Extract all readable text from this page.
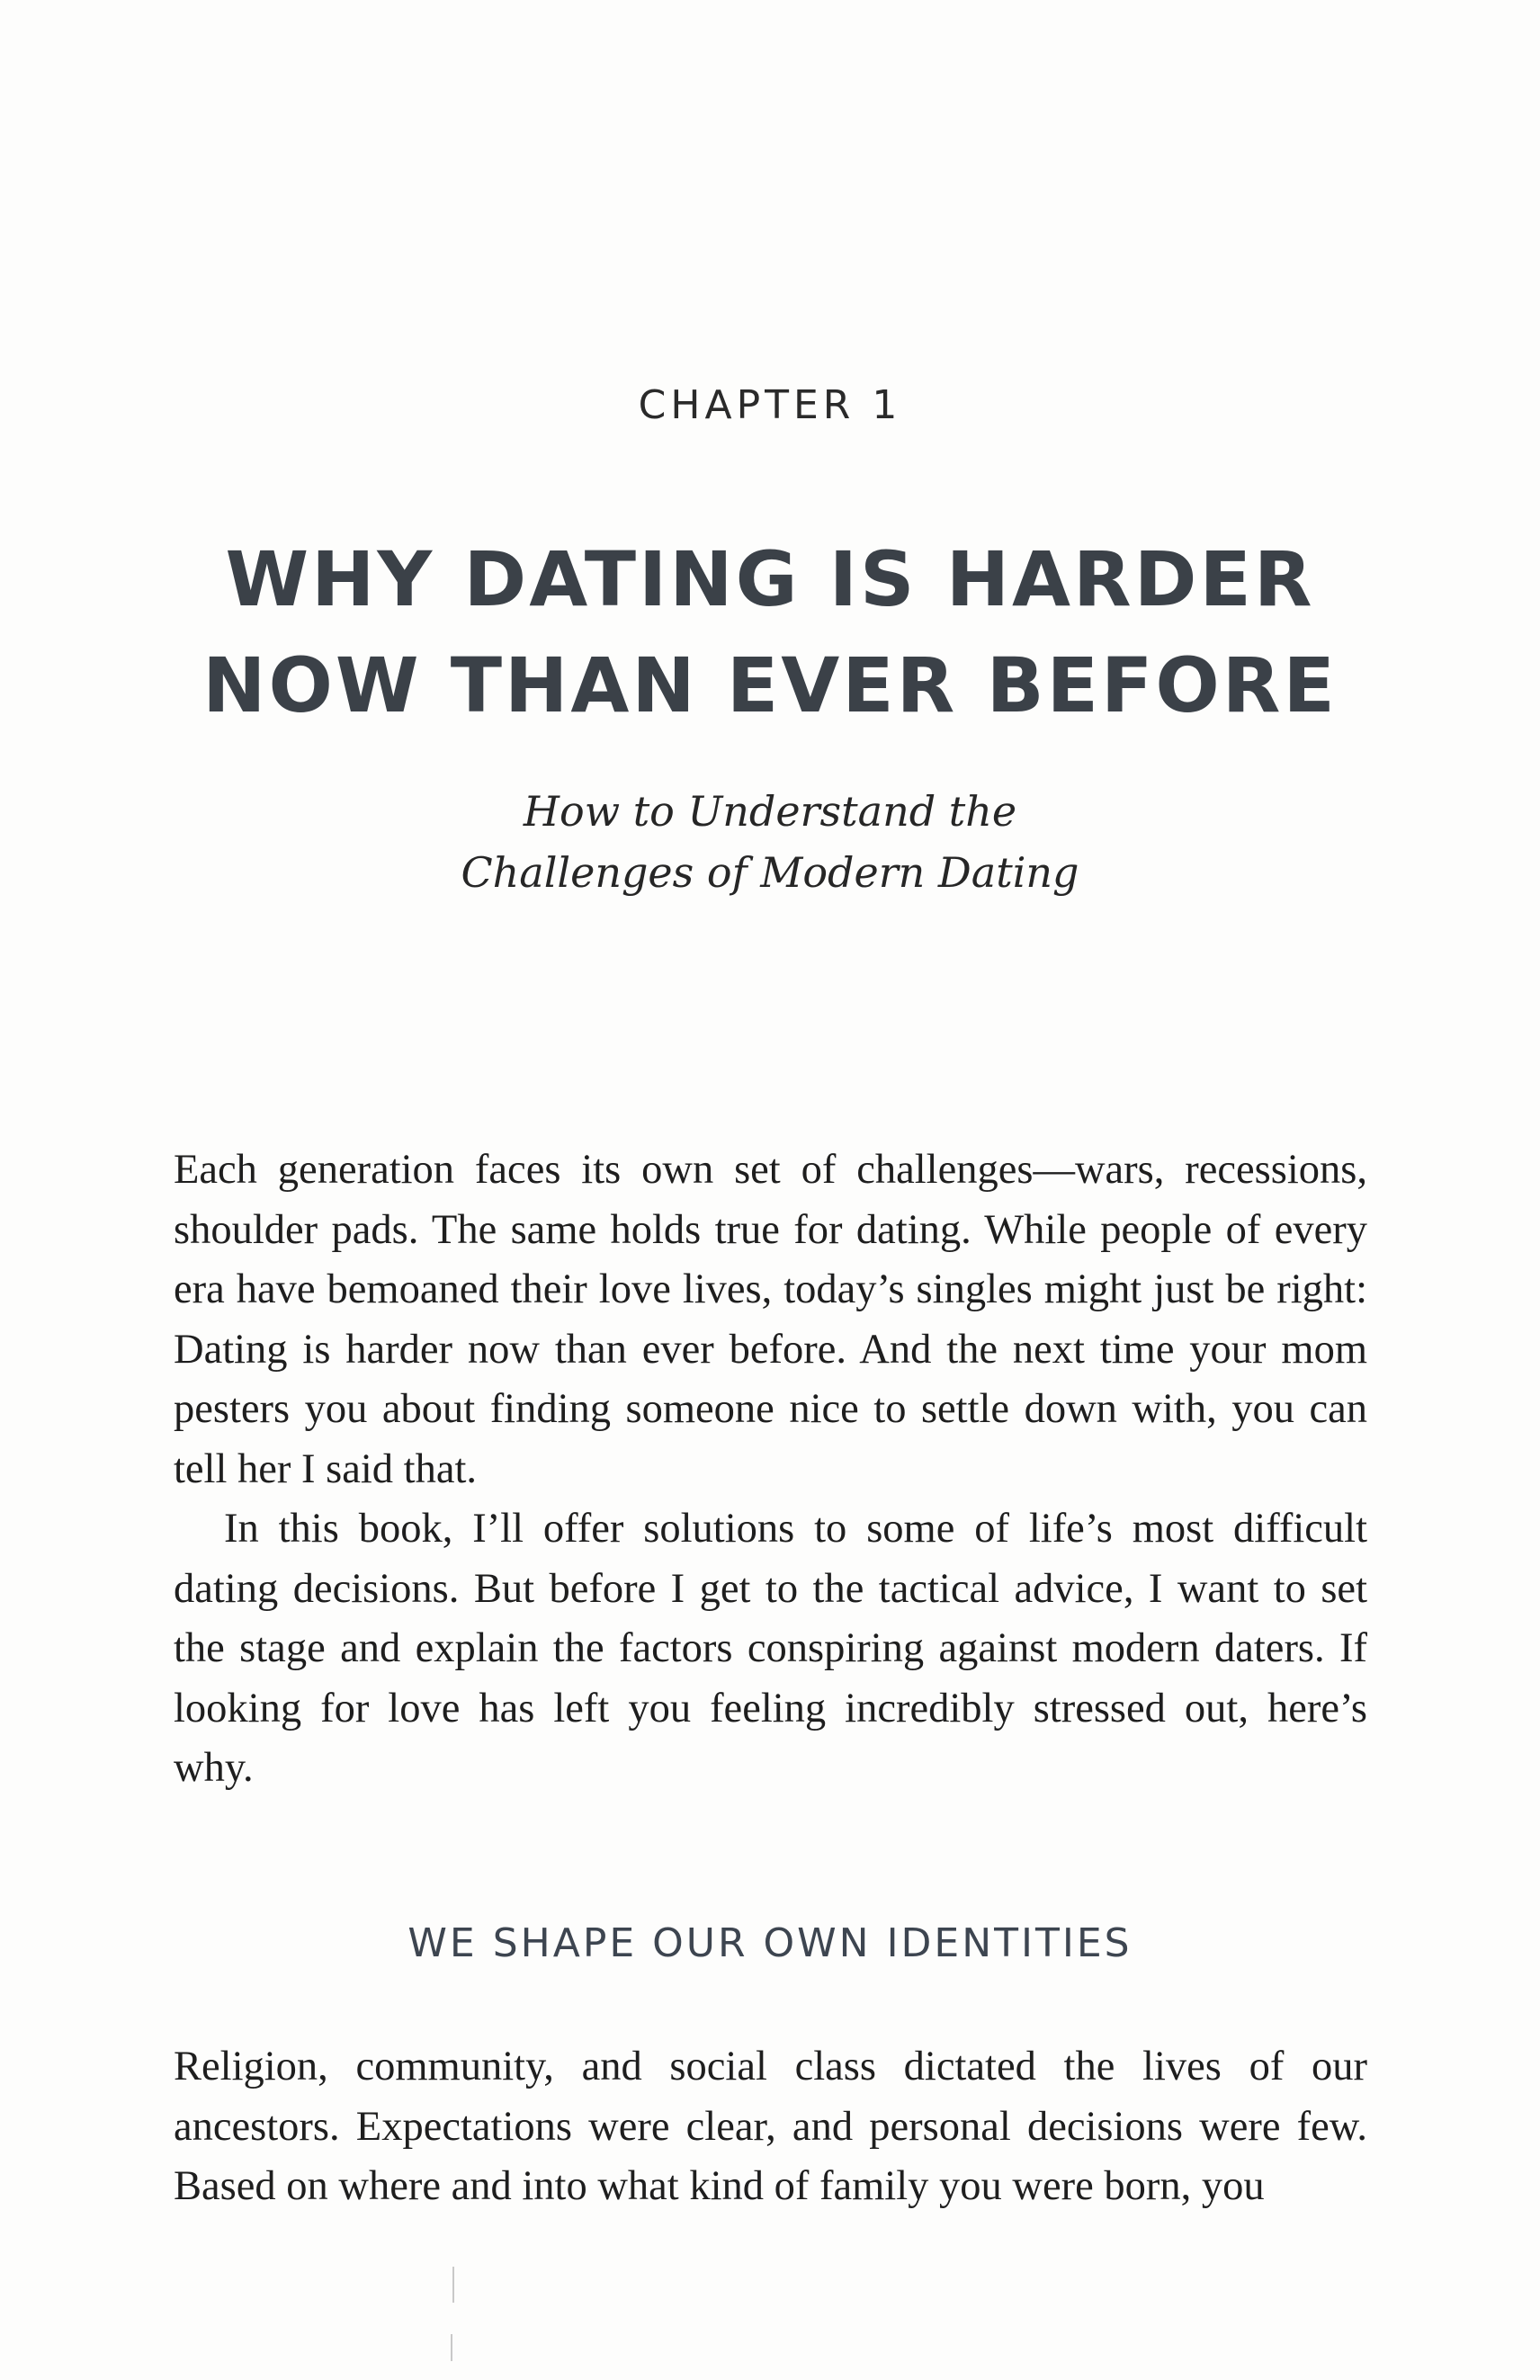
CHAPTER 1
WHY DATING IS HARDER
NOW THAN EVER BEFORE
How to Understand the
Challenges of Modern Dating

Each generation faces its own set of challenges—wars, recessions, shoulder pads. The same holds true for dating. While people of every era have bemoaned their love lives, today’s singles might just be right: Dating is harder now than ever before. And the next time your mom pesters you about finding someone nice to settle down with, you can tell her I said that.

In this book, I’ll offer solutions to some of life’s most difficult dating decisions. But before I get to the tactical advice, I want to set the stage and explain the factors conspiring against modern daters. If looking for love has left you feeling incredibly stressed out, here’s why.

WE SHAPE OUR OWN IDENTITIES

Religion, community, and social class dictated the lives of our ancestors. Expectations were clear, and personal decisions were few. Based on where and into what kind of family you were born, you
